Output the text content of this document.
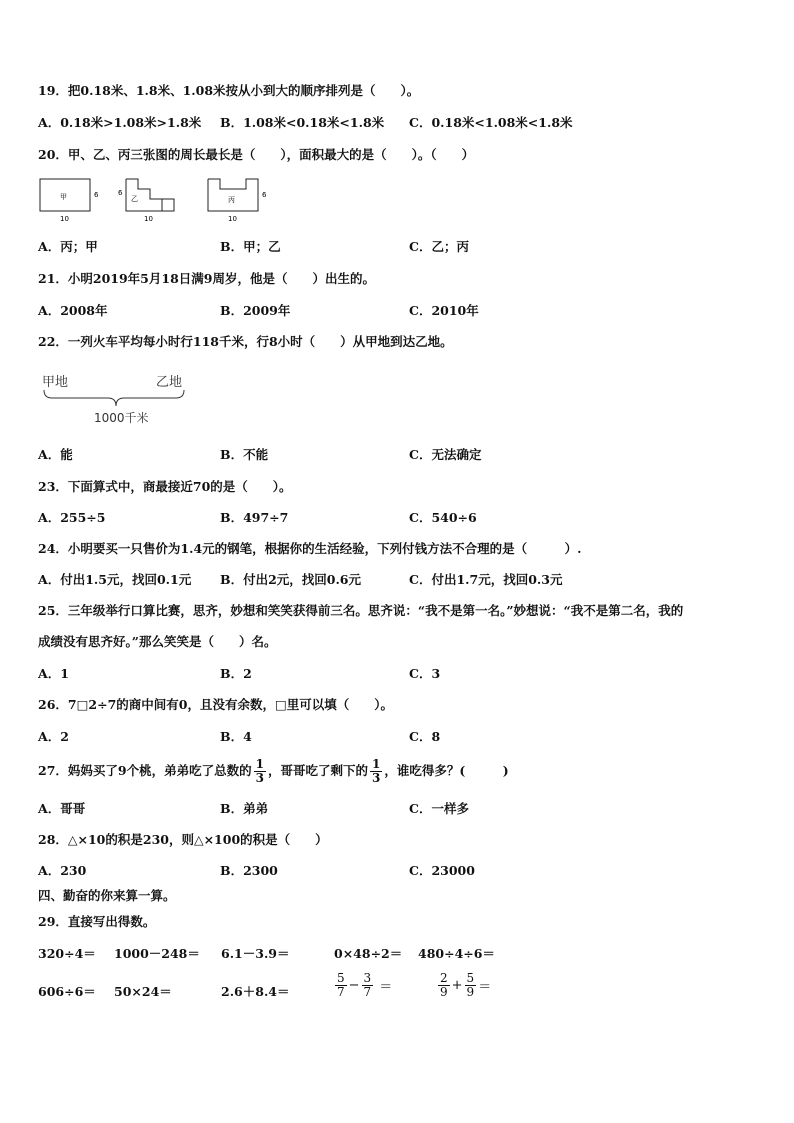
19．把0.18米、1.8米、1.08米按从小到大的顺序排列是（　　）。
A．0.18米>1.08米>1.8米 B．1.08米<0.18米<1.8米 C．0.18米<1.08米<1.8米
20．甲、乙、丙三张图的周长最长是（　　），面积最大的是（　　）。（　　）
甲	6
10
乙
6
10
丙
6
10
A．丙；甲	B．甲；乙	C．乙；丙
21．小明2019年5月18日满9周岁，他是（　　）出生的。
A．2008年	B．2009年	C．2010年
22．一列火车平均每小时行118千米，行8小时（　　）从甲地到达乙地。
甲地	乙地
1000千米
A．能	B．不能	C．无法确定
23．下面算式中，商最接近70的是（　　）。
A．255÷5	B．497÷7	C．540÷6
24．小明要买一只售价为1.4元的钢笔，根据你的生活经验，下列付钱方法不合理的是（　　　）.
A．付出1.5元，找回0.1元 B．付出2元，找回0.6元	C．付出1.7元，找回0.3元
25．三年级举行口算比赛，思齐，妙想和笑笑获得前三名。思齐说：“我不是第一名。”妙想说：“我不是第二名，我的
成绩没有思齐好。”那么笑笑是（　　）名。
A．1	B．2	C．3
26．7□2÷7的商中间有0，且没有余数，□里可以填（　　）。
A．2	B．4	C．8
27．妈妈买了9个桃，弟弟吃了总数的 $\frac{1}{3}$ ，哥哥吃了剩下的 $\frac{1}{3}$ ，谁吃得多？(　　　)
A．哥哥	B．弟弟	C．一样多
28．△×10的积是230，则△×100的积是（　　）
A．230	B．2300	C．23000
四、勤奋的你来算一算。
29．直接写出得数。
320÷4＝ 1000－248＝ 6.1－3.9＝	0×48÷2＝ 480÷4÷6＝
606÷6＝ 50×24＝	2.6＋8.4＝	$\frac{5}{7} - \frac{3}{7}$ ＝	$\frac{2}{9} + \frac{5}{9}$ ＝
